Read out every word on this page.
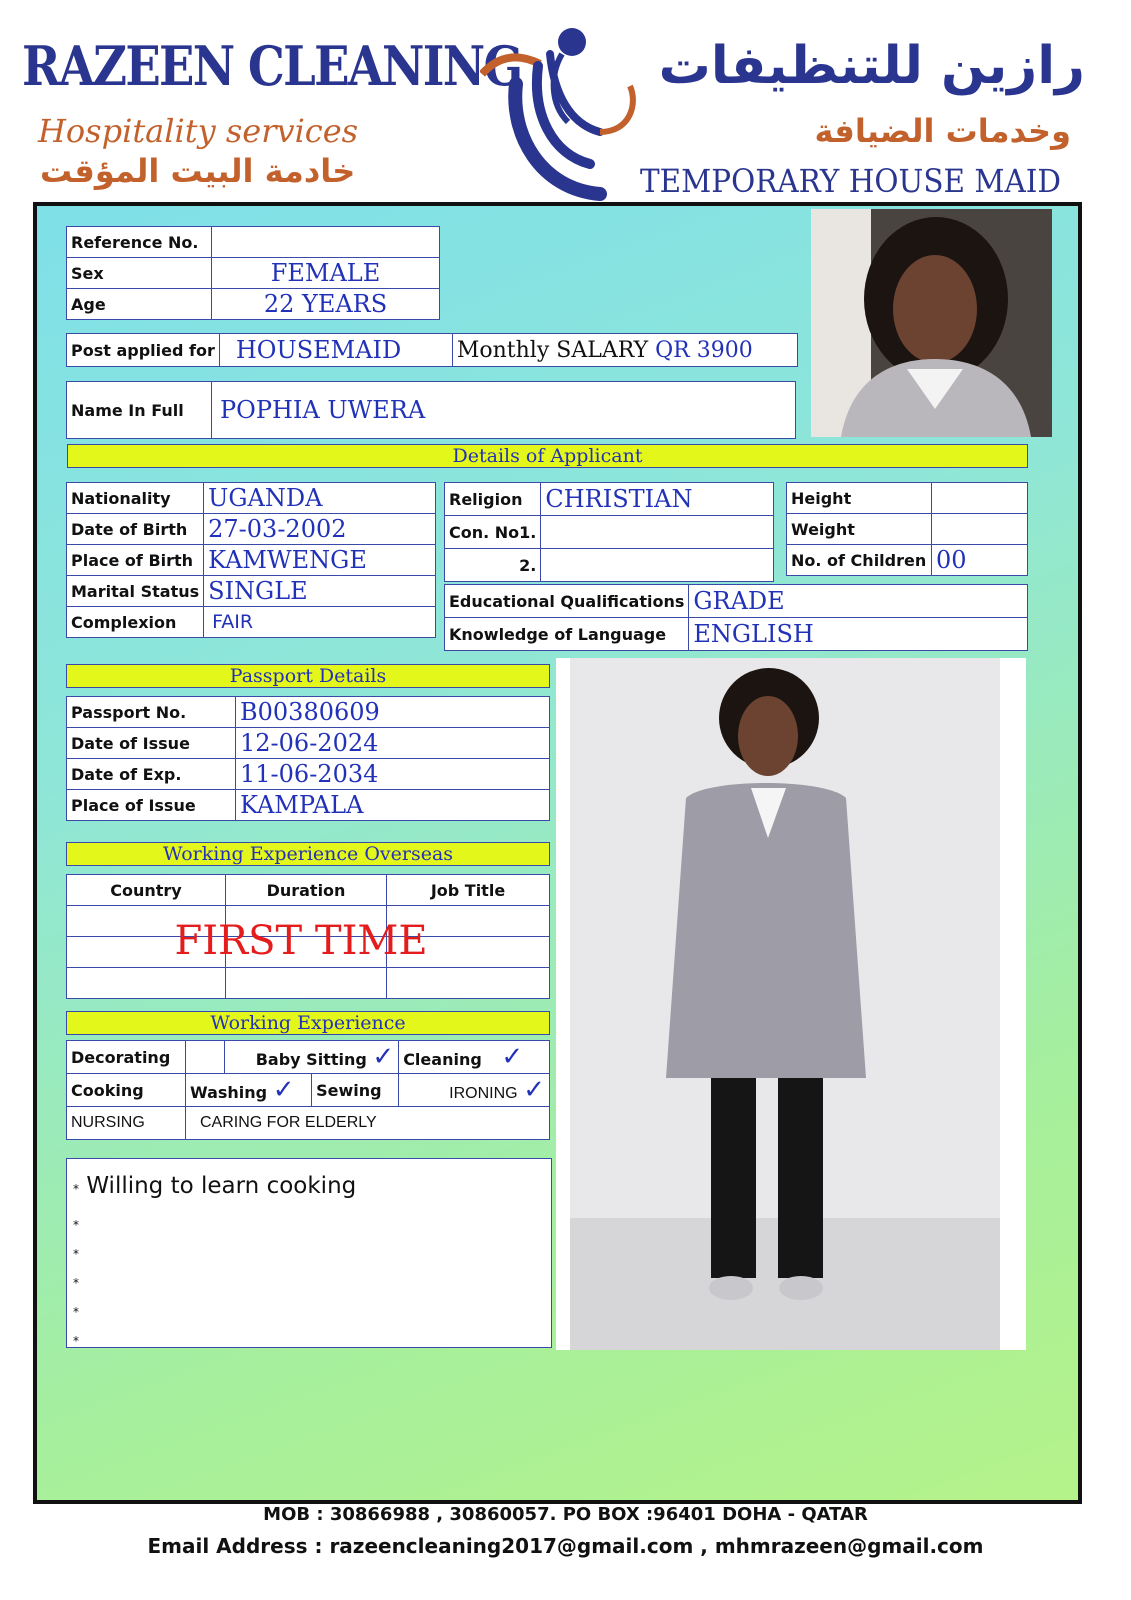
RAZEEN CLEANING
Hospitality services
خادمة البيت المؤقت
رازين للتنظيفات
وخدمات الضيافة
TEMPORARY HOUSE MAID
Reference No.	
Sex	FEMALE
Age	22 YEARS
Post applied for	HOUSEMAID	Monthly SALARY QR 3900
Name In Full	POPHIA UWERA
Details of Applicant
Nationality	UGANDA
Date of Birth	27-03-2002
Place of Birth	KAMWENGE
Marital Status	SINGLE
Complexion	FAIR
Religion	CHRISTIAN
Con. No1.	
2.	
Height	
Weight	
No. of Children	00
Educational Qualifications	GRADE
Knowledge of Language	ENGLISH
Passport Details
Passport No.	B00380609
Date of Issue	12-06-2024
Date of Exp.	11-06-2034
Place of Issue	KAMPALA
Working Experience Overseas
Country	Duration	Job Title

FIRST TIME
Working Experience
Decorating		Baby Sitting ✓		Cleaning ✓
Cooking	Washing ✓		Sewing	IRONING ✓
NURSING	CARING FOR ELDERLY			
* Willing to learn cooking
*
*
*
*
*
MOB : 30866988 , 30860057. PO BOX :96401 DOHA - QATAR
Email Address : razeencleaning2017@gmail.com , mhmrazeen@gmail.com
